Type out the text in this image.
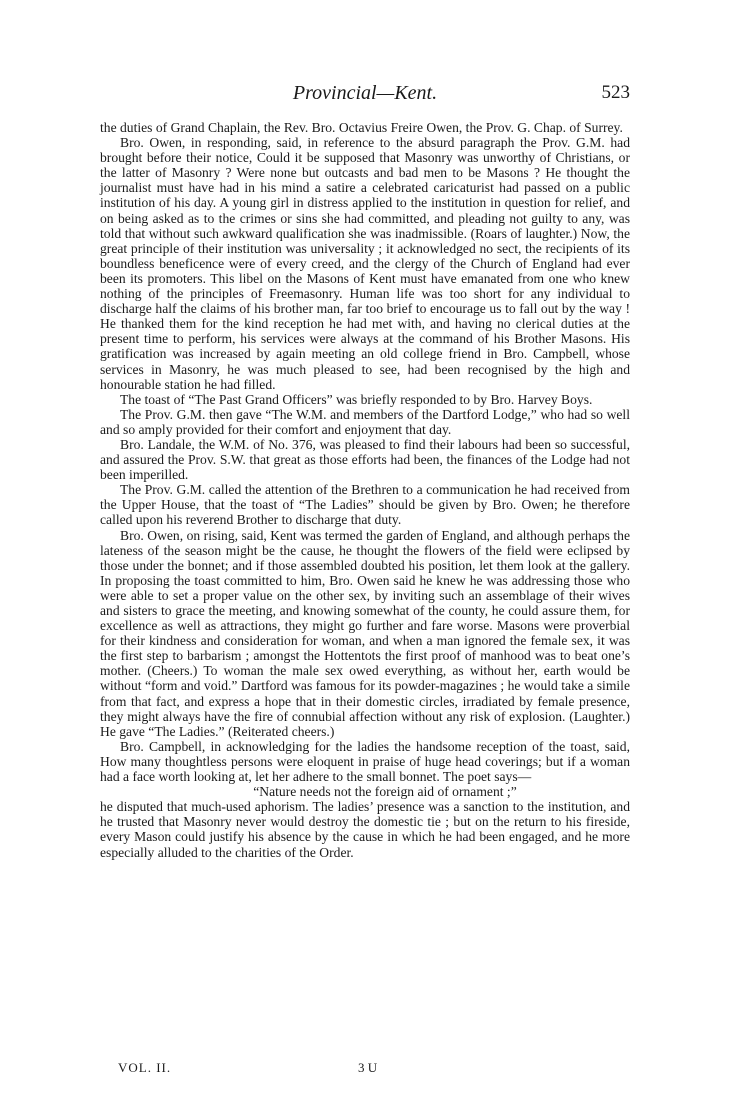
Provincial—Kent.	523

the duties of Grand Chaplain, the Rev. Bro. Octavius Freire Owen, the Prov. G. Chap. of Surrey.

Bro. Owen, in responding, said, in reference to the absurd paragraph the Prov. G.M. had brought before their notice, Could it be supposed that Masonry was unworthy of Christians, or the latter of Masonry ? Were none but outcasts and bad men to be Masons ? He thought the journalist must have had in his mind a satire a celebrated caricaturist had passed on a public institution of his day. A young girl in distress applied to the institution in question for relief, and on being asked as to the crimes or sins she had committed, and pleading not guilty to any, was told that without such awkward qualification she was inadmissible. (Roars of laughter.) Now, the great principle of their institution was universality ; it acknowledged no sect, the recipients of its boundless beneficence were of every creed, and the clergy of the Church of England had ever been its promoters. This libel on the Masons of Kent must have emanated from one who knew nothing of the principles of Freemasonry. Human life was too short for any individual to discharge half the claims of his brother man, far too brief to encourage us to fall out by the way ! He thanked them for the kind reception he had met with, and having no clerical duties at the present time to perform, his services were always at the command of his Brother Masons. His gratification was increased by again meeting an old college friend in Bro. Campbell, whose services in Masonry, he was much pleased to see, had been recognised by the high and honourable station he had filled.

The toast of “The Past Grand Officers” was briefly responded to by Bro. Harvey Boys.

The Prov. G.M. then gave “The W.M. and members of the Dartford Lodge,” who had so well and so amply provided for their comfort and enjoyment that day.

Bro. Landale, the W.M. of No. 376, was pleased to find their labours had been so successful, and assured the Prov. S.W. that great as those efforts had been, the finances of the Lodge had not been imperilled.

The Prov. G.M. called the attention of the Brethren to a communication he had received from the Upper House, that the toast of “The Ladies” should be given by Bro. Owen; he therefore called upon his reverend Brother to discharge that duty.

Bro. Owen, on rising, said, Kent was termed the garden of England, and although perhaps the lateness of the season might be the cause, he thought the flowers of the field were eclipsed by those under the bonnet; and if those assembled doubted his position, let them look at the gallery. In proposing the toast committed to him, Bro. Owen said he knew he was addressing those who were able to set a proper value on the other sex, by inviting such an assemblage of their wives and sisters to grace the meeting, and knowing somewhat of the county, he could assure them, for excellence as well as attractions, they might go further and fare worse. Masons were proverbial for their kindness and consideration for woman, and when a man ignored the female sex, it was the first step to barbarism ; amongst the Hottentots the first proof of manhood was to beat one’s mother. (Cheers.) To woman the male sex owed everything, as without her, earth would be without “form and void.” Dartford was famous for its powder-magazines ; he would take a simile from that fact, and express a hope that in their domestic circles, irradiated by female presence, they might always have the fire of connubial affection without any risk of explosion. (Laughter.) He gave “The Ladies.” (Reiterated cheers.)

Bro. Campbell, in acknowledging for the ladies the handsome reception of the toast, said, How many thoughtless persons were eloquent in praise of huge head coverings; but if a woman had a face worth looking at, let her adhere to the small bonnet. The poet says—

“Nature needs not the foreign aid of ornament ;”

he disputed that much-used aphorism. The ladies’ presence was a sanction to the institution, and he trusted that Masonry never would destroy the domestic tie ; but on the return to his fireside, every Mason could justify his absence by the cause in which he had been engaged, and he more especially alluded to the charities of the Order.

VOL. II.	3 U
